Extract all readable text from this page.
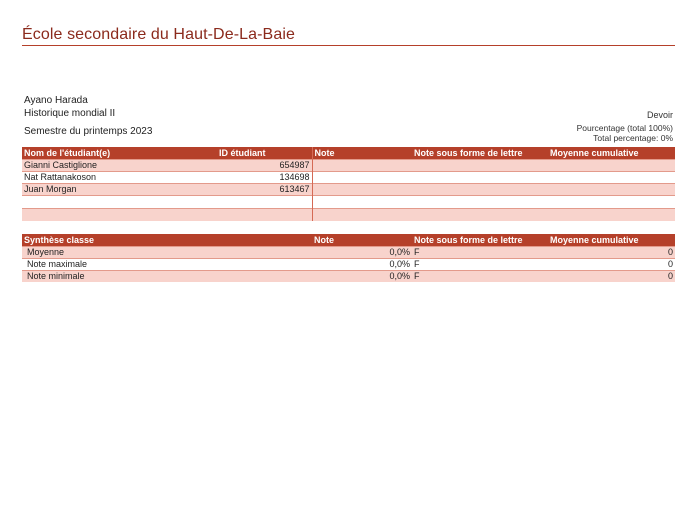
École secondaire du Haut-De-La-Baie
Ayano Harada
Historique mondial II
Semestre du printemps 2023
Devoir
Pourcentage (total 100%)
Total percentage: 0%
Nom de l'étudiant(e)	ID étudiant	Note	Note sous forme de lettre	Moyenne cumulative
Gianni Castiglione	654987			
Nat Rattanakoson	134698			
Juan Morgan	613467			

Synthèse classe	Note	Note sous forme de lettre	Moyenne cumulative
Moyenne	0,0%	F	0
Note maximale	0,0%	F	0
Note minimale	0,0%	F	0
